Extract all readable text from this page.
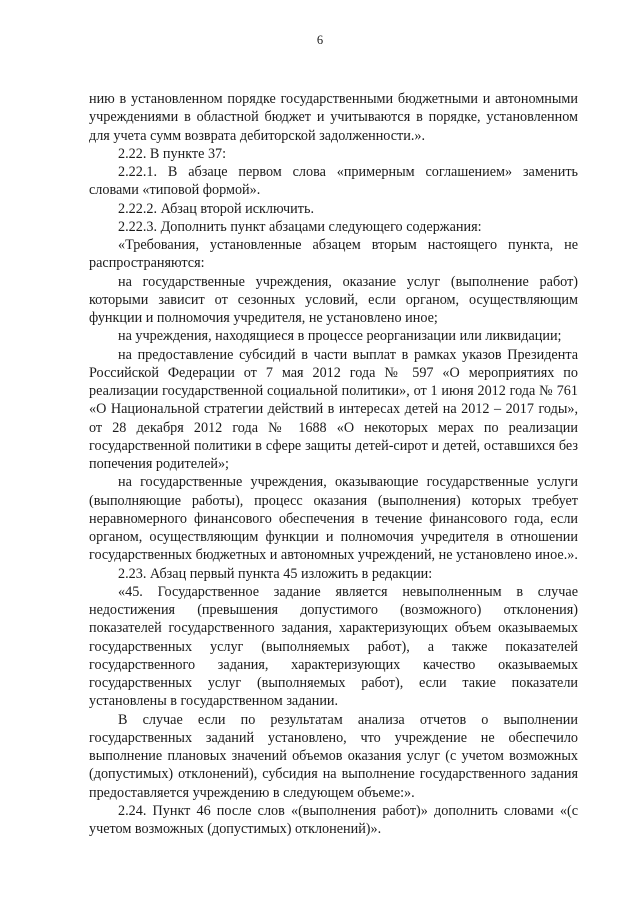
6

нию в установленном порядке государственными бюджетными и автономными учреждениями в областной бюджет и учитываются в порядке, установленном для учета сумм возврата дебиторской задолженности.».

2.22. В пункте 37:

2.22.1. В абзаце первом слова «примерным соглашением» заменить словами «типовой формой».

2.22.2. Абзац второй исключить.

2.22.3. Дополнить пункт абзацами следующего содержания:

«Требования, установленные абзацем вторым настоящего пункта, не распространяются:

на государственные учреждения, оказание услуг (выполнение работ) которыми зависит от сезонных условий, если органом, осуществляющим функции и полномочия учредителя, не установлено иное;

на учреждения, находящиеся в процессе реорганизации или ликвидации;

на предоставление субсидий в части выплат в рамках указов Президента Российской Федерации от 7 мая 2012 года № 597 «О мероприятиях по реализации государственной социальной политики», от 1 июня 2012 года № 761 «О Национальной стратегии действий в интересах детей на 2012 – 2017 годы», от 28 декабря 2012 года № 1688 «О некоторых мерах по реализации государственной политики в сфере защиты детей-сирот и детей, оставшихся без попечения родителей»;

на государственные учреждения, оказывающие государственные услуги (выполняющие работы), процесс оказания (выполнения) которых требует неравномерного финансового обеспечения в течение финансового года, если органом, осуществляющим функции и полномочия учредителя в отношении государственных бюджетных и автономных учреждений, не установлено иное.».

2.23. Абзац первый пункта 45 изложить в редакции:

«45. Государственное задание является невыполненным в случае недостижения (превышения допустимого (возможного) отклонения) показателей государственного задания, характеризующих объем оказываемых государственных услуг (выполняемых работ), а также показателей государственного задания, характеризующих качество оказываемых государственных услуг (выполняемых работ), если такие показатели установлены в государственном задании.

В случае если по результатам анализа отчетов о выполнении государственных заданий установлено, что учреждение не обеспечило выполнение плановых значений объемов оказания услуг (с учетом возможных (допустимых) отклонений), субсидия на выполнение государственного задания предоставляется учреждению в следующем объеме:».

2.24. Пункт 46 после слов «(выполнения работ)» дополнить словами «(с учетом возможных (допустимых) отклонений)».
